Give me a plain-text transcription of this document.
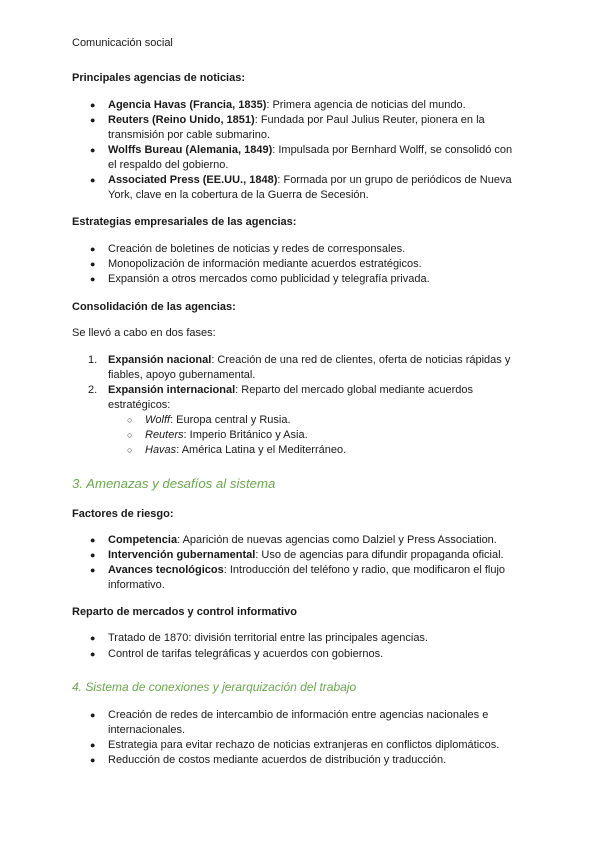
Comunicación social
Principales agencias de noticias:
● Agencia Havas (Francia, 1835): Primera agencia de noticias del mundo.
● Reuters (Reino Unido, 1851): Fundada por Paul Julius Reuter, pionera en la
transmisión por cable submarino.
● Wolffs Bureau (Alemania, 1849): Impulsada por Bernhard Wolff, se consolidó con
el respaldo del gobierno.
● Associated Press (EE.UU., 1848): Formada por un grupo de periódicos de Nueva
York, clave en la cobertura de la Guerra de Secesión.
Estrategias empresariales de las agencias:
● Creación de boletines de noticias y redes de corresponsales.
● Monopolización de información mediante acuerdos estratégicos.
● Expansión a otros mercados como publicidad y telegrafía privada.
Consolidación de las agencias:
Se llevó a cabo en dos fases:
1. Expansión nacional: Creación de una red de clientes, oferta de noticias rápidas y
fiables, apoyo gubernamental.
2. Expansión internacional: Reparto del mercado global mediante acuerdos
estratégicos:
○ Wolff: Europa central y Rusia.
○ Reuters: Imperio Británico y Asia.
○ Havas: América Latina y el Mediterráneo.
3. Amenazas y desafíos al sistema
Factores de riesgo:
● Competencia: Aparición de nuevas agencias como Dalziel y Press Association.
● Intervención gubernamental: Uso de agencias para difundir propaganda oficial.
● Avances tecnológicos: Introducción del teléfono y radio, que modificaron el flujo
informativo.
Reparto de mercados y control informativo
● Tratado de 1870: división territorial entre las principales agencias.
● Control de tarifas telegráficas y acuerdos con gobiernos.
4. Sistema de conexiones y jerarquización del trabajo
● Creación de redes de intercambio de información entre agencias nacionales e
internacionales.
● Estrategia para evitar rechazo de noticias extranjeras en conflictos diplomáticos.
● Reducción de costos mediante acuerdos de distribución y traducción.
